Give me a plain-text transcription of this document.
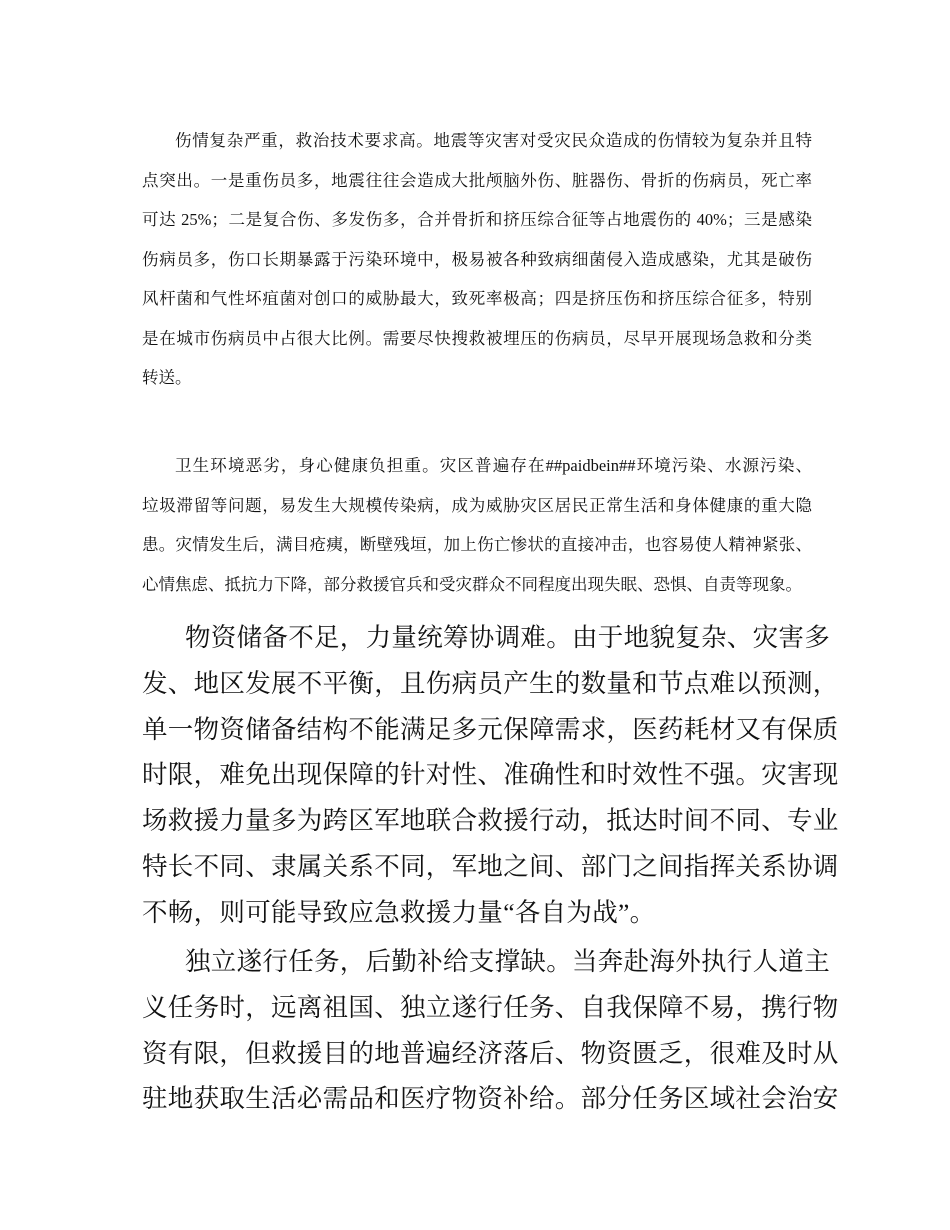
伤情复杂严重，救治技术要求高。地震等灾害对受灾民众造成的伤情较为复杂并且特
点突出。一是重伤员多，地震往往会造成大批颅脑外伤、脏器伤、骨折的伤病员，死亡率
可达 25%；二是复合伤、多发伤多，合并骨折和挤压综合征等占地震伤的 40%；三是感染
伤病员多，伤口长期暴露于污染环境中，极易被各种致病细菌侵入造成感染，尤其是破伤
风杆菌和气性坏疽菌对创口的威胁最大，致死率极高；四是挤压伤和挤压综合征多，特别
是在城市伤病员中占很大比例。需要尽快搜救被埋压的伤病员，尽早开展现场急救和分类
转送。
卫生环境恶劣，身心健康负担重。灾区普遍存在##paidbein##环境污染、水源污染、
垃圾滞留等问题，易发生大规模传染病，成为威胁灾区居民正常生活和身体健康的重大隐
患。灾情发生后，满目疮痍，断壁残垣，加上伤亡惨状的直接冲击，也容易使人精神紧张、
心情焦虑、抵抗力下降，部分救援官兵和受灾群众不同程度出现失眠、恐惧、自责等现象。
物资储备不足，力量统筹协调难。由于地貌复杂、灾害多
发、地区发展不平衡，且伤病员产生的数量和节点难以预测，
单一物资储备结构不能满足多元保障需求，医药耗材又有保质
时限，难免出现保障的针对性、准确性和时效性不强。灾害现
场救援力量多为跨区军地联合救援行动，抵达时间不同、专业
特长不同、隶属关系不同，军地之间、部门之间指挥关系协调
不畅，则可能导致应急救援力量“各自为战”。
独立遂行任务，后勤补给支撑缺。当奔赴海外执行人道主
义任务时，远离祖国、独立遂行任务、自我保障不易，携行物
资有限，但救援目的地普遍经济落后、物资匮乏，很难及时从
驻地获取生活必需品和医疗物资补给。部分任务区域社会治安
